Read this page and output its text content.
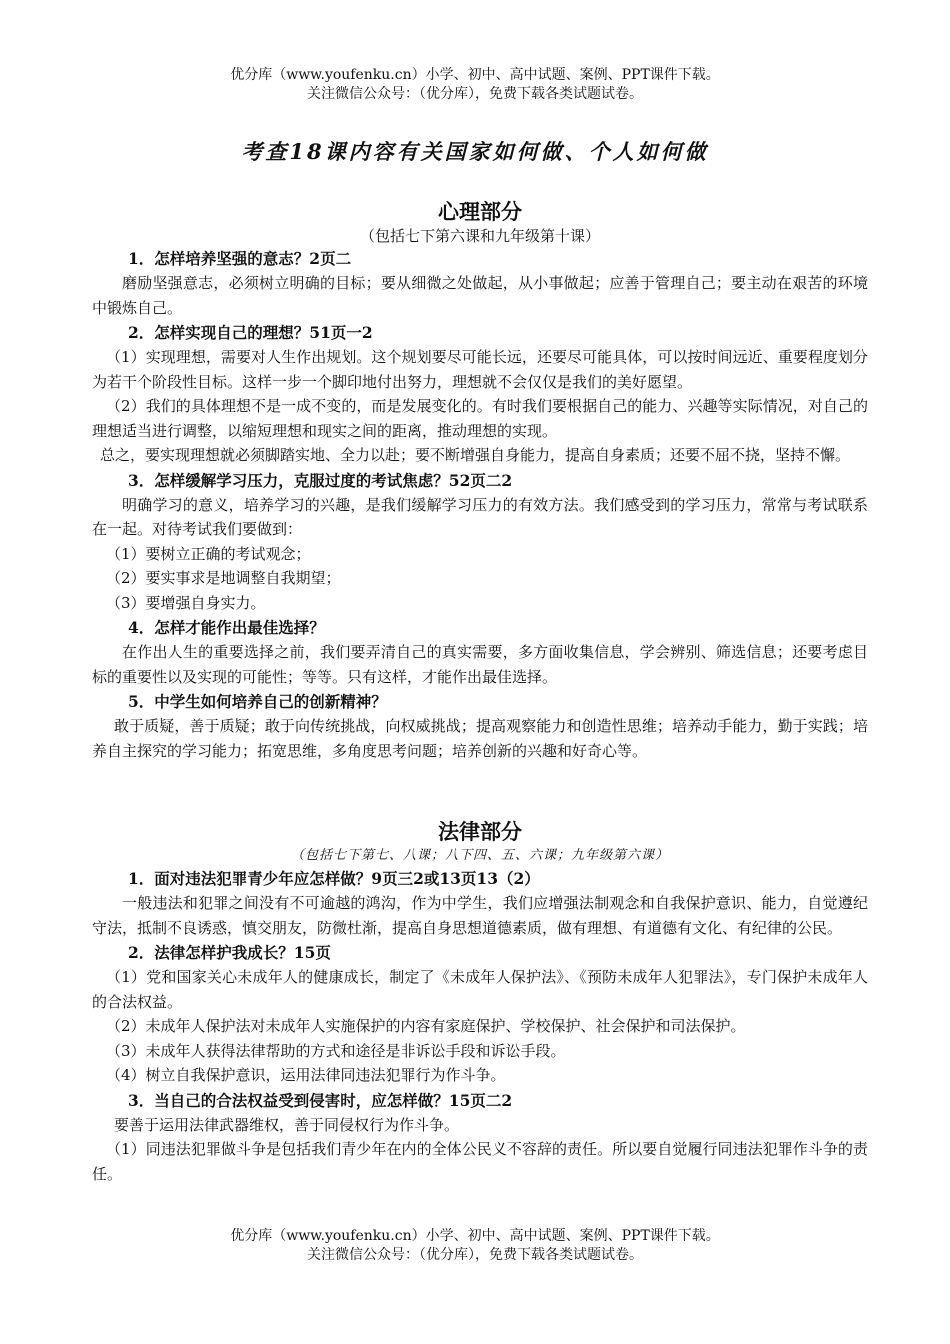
优分库（www.youfenku.cn）小学、初中、高中试题、案例、PPT课件下载。
关注微信公众号：（优分库），免费下载各类试题试卷。
考查18课内容有关国家如何做、个人如何做
心理部分
（包括七下第六课和九年级第十课）
1．怎样培养坚强的意志？2页二
磨励坚强意志，必须树立明确的目标；要从细微之处做起，从小事做起；应善于管理自己；要主动在艰苦的环境中锻炼自己。
2．怎样实现自己的理想？51页一2
（1）实现理想，需要对人生作出规划。这个规划要尽可能长远，还要尽可能具体，可以按时间远近、重要程度划分为若干个阶段性目标。这样一步一个脚印地付出努力，理想就不会仅仅是我们的美好愿望。
（2）我们的具体理想不是一成不变的，而是发展变化的。有时我们要根据自己的能力、兴趣等实际情况，对自己的理想适当进行调整，以缩短理想和现实之间的距离，推动理想的实现。
总之，要实现理想就必须脚踏实地、全力以赴；要不断增强自身能力，提高自身素质；还要不屈不挠，坚持不懈。
3．怎样缓解学习压力，克服过度的考试焦虑？52页二2
明确学习的意义，培养学习的兴趣，是我们缓解学习压力的有效方法。我们感受到的学习压力，常常与考试联系在一起。对待考试我们要做到：
（1）要树立正确的考试观念；
（2）要实事求是地调整自我期望；
（3）要增强自身实力。
4．怎样才能作出最佳选择？
在作出人生的重要选择之前，我们要弄清自己的真实需要，多方面收集信息，学会辨别、筛选信息；还要考虑目标的重要性以及实现的可能性；等等。只有这样，才能作出最佳选择。
5．中学生如何培养自己的创新精神？
敢于质疑，善于质疑；敢于向传统挑战，向权威挑战；提高观察能力和创造性思维；培养动手能力，勤于实践；培养自主探究的学习能力；拓宽思维，多角度思考问题；培养创新的兴趣和好奇心等。
法律部分
（包括七下第七、八课；八下四、五、六课；九年级第六课）
1．面对违法犯罪青少年应怎样做？9页三2或13页13（2）
一般违法和犯罪之间没有不可逾越的鸿沟，作为中学生，我们应增强法制观念和自我保护意识、能力，自觉遵纪守法，抵制不良诱惑，慎交朋友，防微杜渐，提高自身思想道德素质，做有理想、有道德有文化、有纪律的公民。
2．法律怎样护我成长？15页
（1）党和国家关心未成年人的健康成长，制定了《未成年人保护法》、《预防未成年人犯罪法》，专门保护未成年人的合法权益。
（2）未成年人保护法对未成年人实施保护的内容有家庭保护、学校保护、社会保护和司法保护。
（3）未成年人获得法律帮助的方式和途径是非诉讼手段和诉讼手段。
（4）树立自我保护意识，运用法律同违法犯罪行为作斗争。
3．当自己的合法权益受到侵害时，应怎样做？15页二2
要善于运用法律武器维权，善于同侵权行为作斗争。
（1）同违法犯罪做斗争是包括我们青少年在内的全体公民义不容辞的责任。所以要自觉履行同违法犯罪作斗争的责任。
优分库（www.youfenku.cn）小学、初中、高中试题、案例、PPT课件下载。
关注微信公众号：（优分库），免费下载各类试题试卷。
